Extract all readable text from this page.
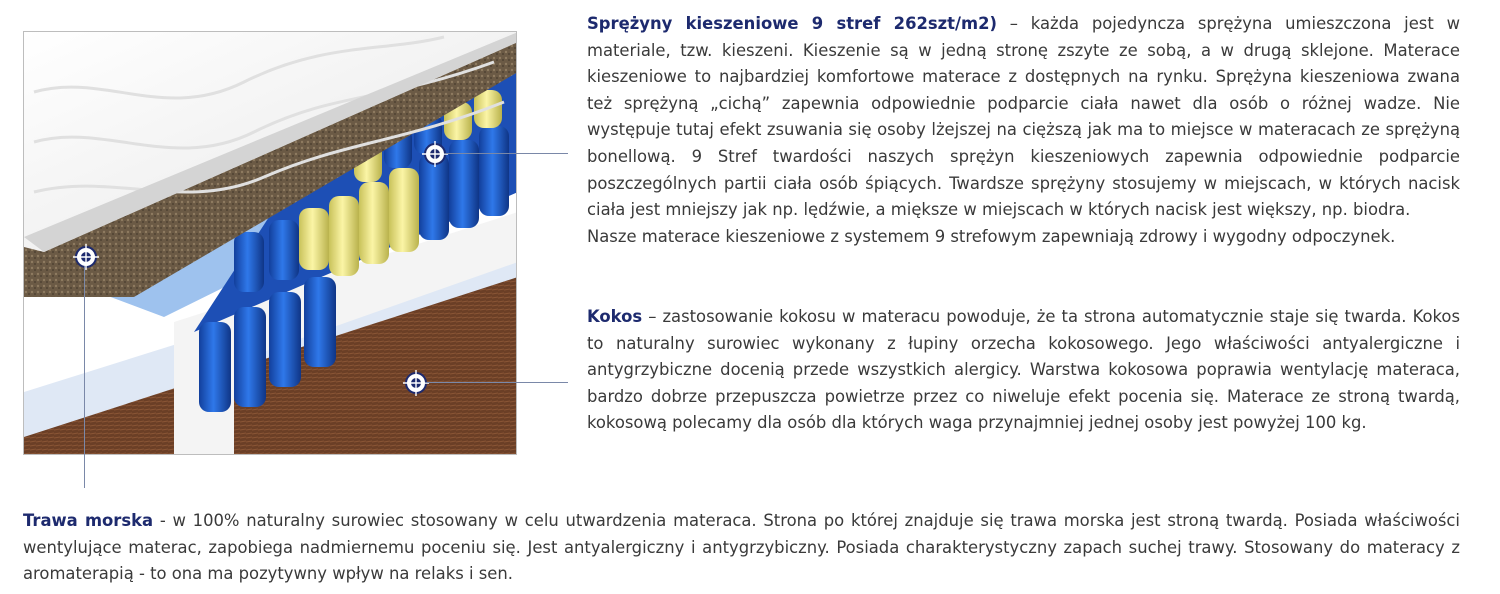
Sprężyny kieszeniowe 9 stref 262szt/m2) – każda pojedyncza sprężyna umieszczona jest w materiale, tzw. kieszeni. Kieszenie są w jedną stronę zszyte ze sobą, a w drugą sklejone. Materace kieszeniowe to najbardziej komfortowe materace z dostępnych na rynku. Sprężyna kieszeniowa zwana też sprężyną „cichą” zapewnia odpowiednie podparcie ciała nawet dla osób o różnej wadze. Nie występuje tutaj efekt zsuwania się osoby lżejszej na cięższą jak ma to miejsce w materacach ze sprężyną bonellową. 9 Stref twardości naszych sprężyn kieszeniowych zapewnia odpowiednie podparcie poszczególnych partii ciała osób śpiących. Twardsze sprężyny stosujemy w miejscach, w których nacisk ciała jest mniejszy jak np. lędźwie, a miększe w miejscach w których nacisk jest większy, np. biodra.

Nasze materace kieszeniowe z systemem 9 strefowym zapewniają zdrowy i wygodny odpoczynek.

Kokos – zastosowanie kokosu w materacu powoduje, że ta strona automatycznie staje się twarda. Kokos to naturalny surowiec wykonany z łupiny orzecha kokosowego. Jego właściwości antyalergiczne i antygrzybiczne docenią przede wszystkich alergicy. Warstwa kokosowa poprawia wentylację materaca, bardzo dobrze przepuszcza powietrze przez co niweluje efekt pocenia się. Materace ze stroną twardą, kokosową polecamy dla osób dla których waga przynajmniej jednej osoby jest powyżej 100 kg.

Trawa morska - w 100% naturalny surowiec stosowany w celu utwardzenia materaca. Strona po której znajduje się trawa morska jest stroną twardą. Posiada właściwości wentylujące materac, zapobiega nadmiernemu poceniu się. Jest antyalergiczny i antygrzybiczny. Posiada charakterystyczny zapach suchej trawy. Stosowany do materacy z aromaterapią - to ona ma pozytywny wpływ na relaks i sen.
